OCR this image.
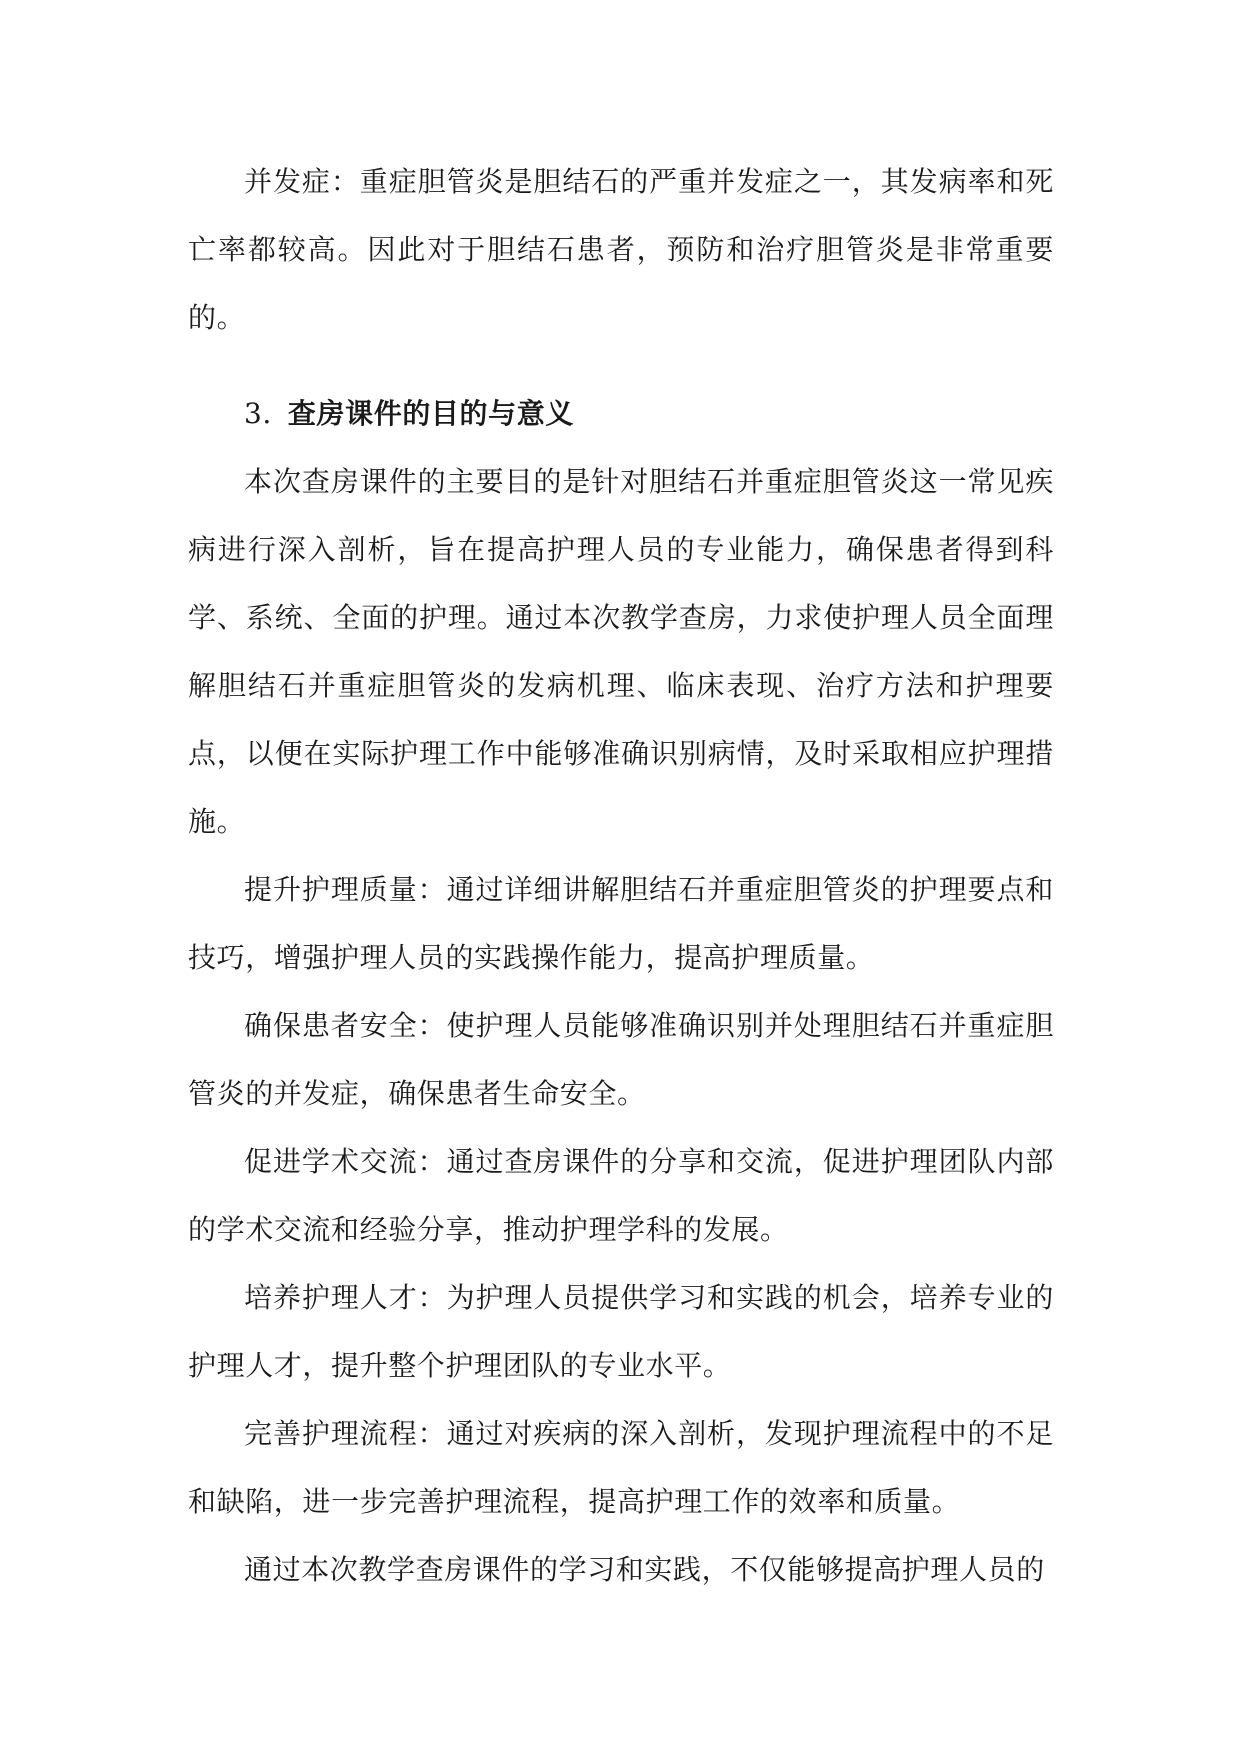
并发症：重症胆管炎是胆结石的严重并发症之一，其发病率和死亡率都较高。因此对于胆结石患者，预防和治疗胆管炎是非常重要的。

3. 查房课件的目的与意义

本次查房课件的主要目的是针对胆结石并重症胆管炎这一常见疾病进行深入剖析，旨在提高护理人员的专业能力，确保患者得到科学、系统、全面的护理。通过本次教学查房，力求使护理人员全面理解胆结石并重症胆管炎的发病机理、临床表现、治疗方法和护理要点，以便在实际护理工作中能够准确识别病情，及时采取相应护理措施。

提升护理质量：通过详细讲解胆结石并重症胆管炎的护理要点和技巧，增强护理人员的实践操作能力，提高护理质量。

确保患者安全：使护理人员能够准确识别并处理胆结石并重症胆管炎的并发症，确保患者生命安全。

促进学术交流：通过查房课件的分享和交流，促进护理团队内部的学术交流和经验分享，推动护理学科的发展。

培养护理人才：为护理人员提供学习和实践的机会，培养专业的护理人才，提升整个护理团队的专业水平。

完善护理流程：通过对疾病的深入剖析，发现护理流程中的不足和缺陷，进一步完善护理流程，提高护理工作的效率和质量。

通过本次教学查房课件的学习和实践，不仅能够提高护理人员的
